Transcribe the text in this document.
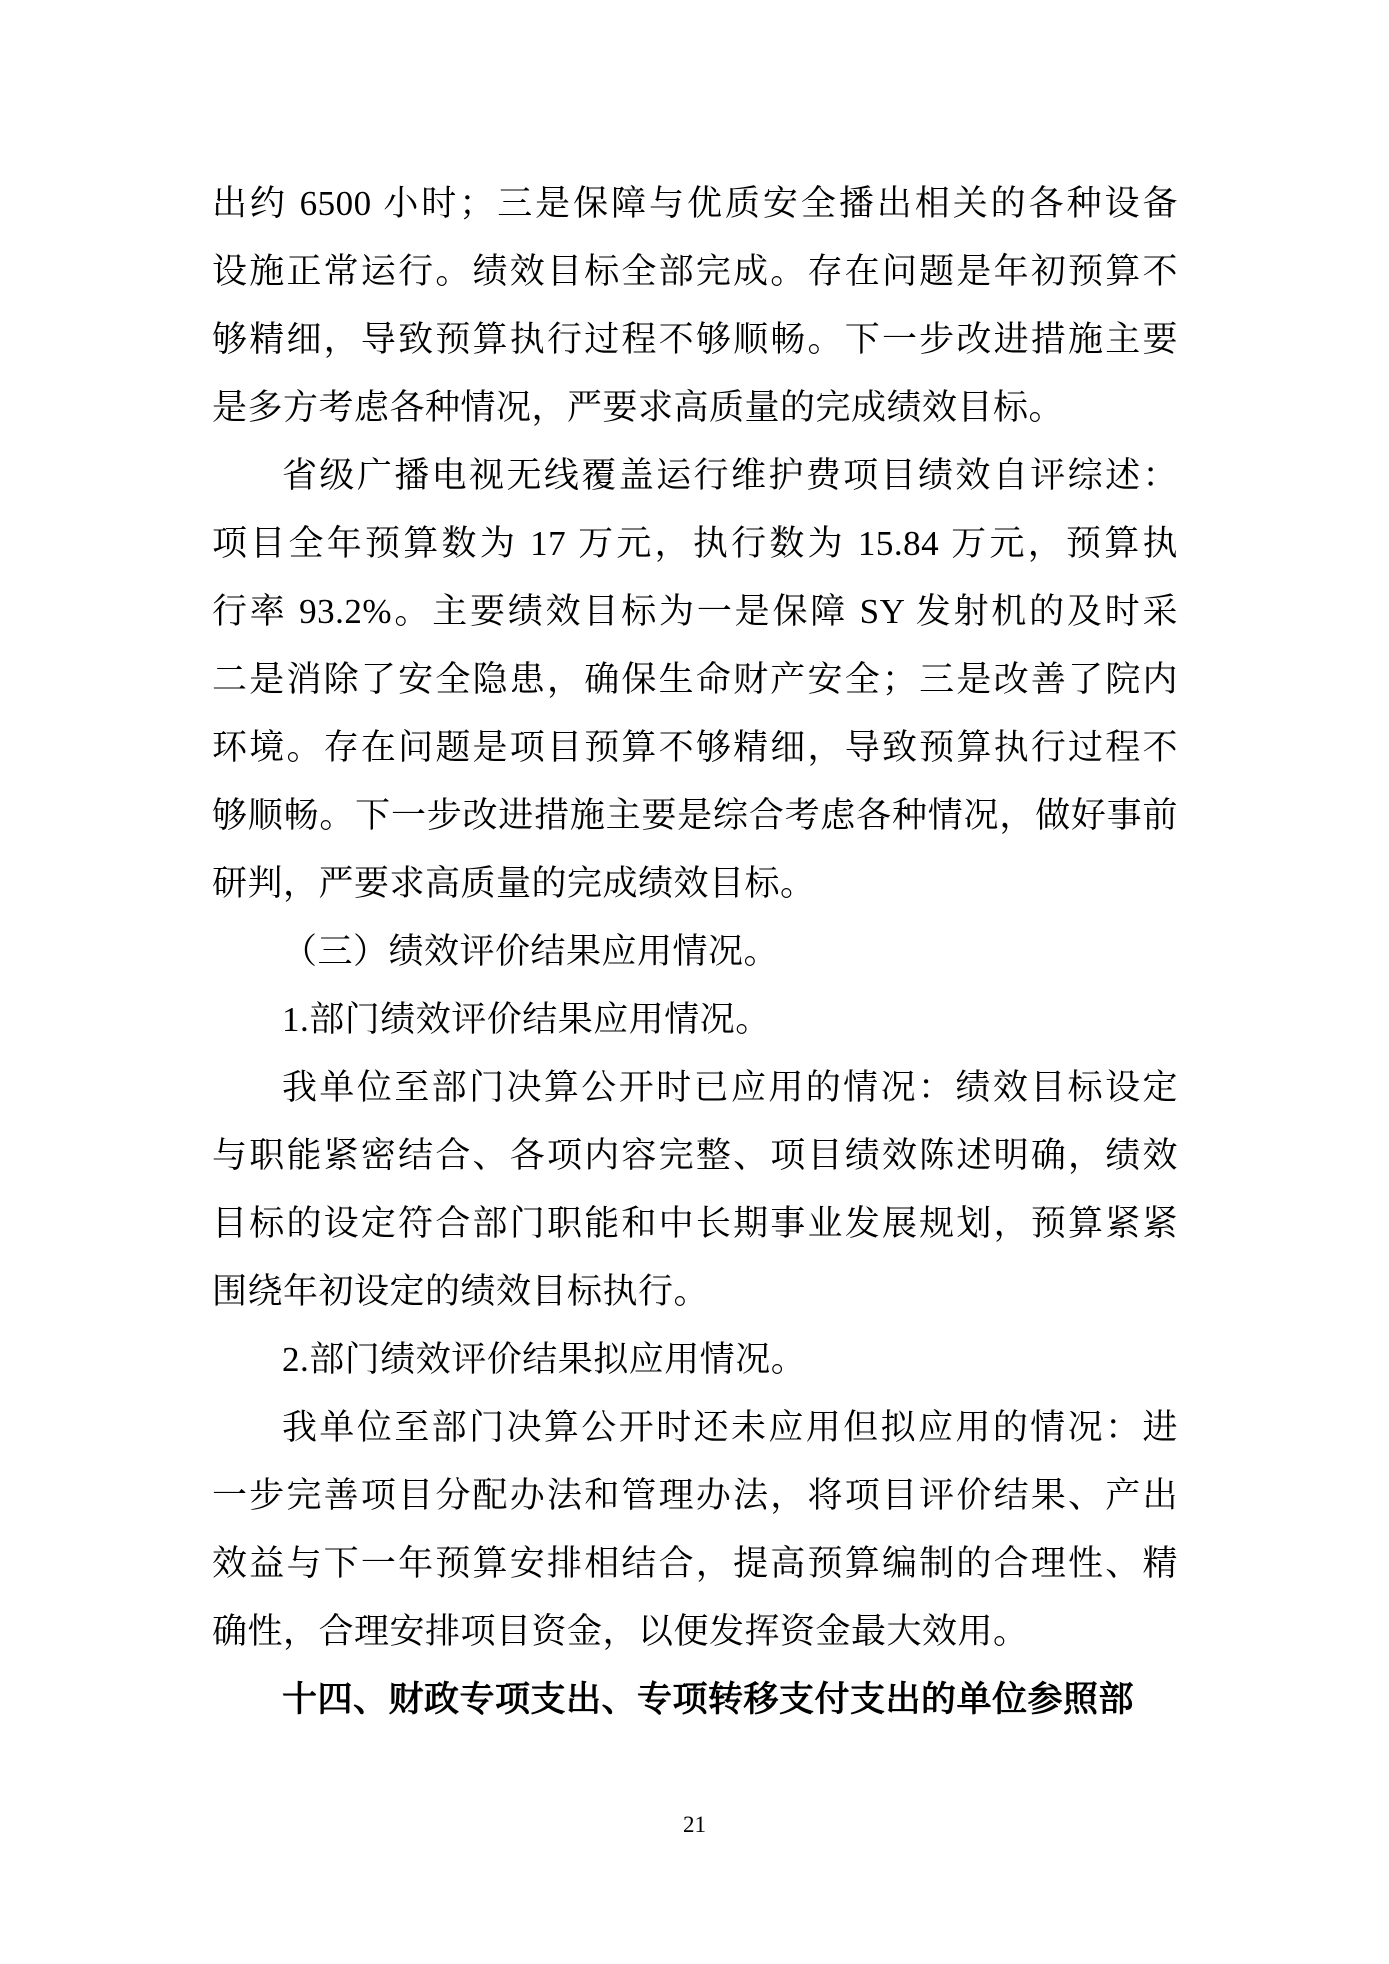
出约 6500 小时；三是保障与优质安全播出相关的各种设备
设施正常运行。绩效目标全部完成。存在问题是年初预算不
够精细，导致预算执行过程不够顺畅。下一步改进措施主要
是多方考虑各种情况，严要求高质量的完成绩效目标。
省级广播电视无线覆盖运行维护费项目绩效自评综述：
项目全年预算数为 17 万元，执行数为 15.84 万元，预算执
行率 93.2%。主要绩效目标为一是保障 SY 发射机的及时采
二是消除了安全隐患，确保生命财产安全；三是改善了院内
环境。存在问题是项目预算不够精细，导致预算执行过程不
够顺畅。下一步改进措施主要是综合考虑各种情况，做好事前
研判，严要求高质量的完成绩效目标。
（三）绩效评价结果应用情况。
1.部门绩效评价结果应用情况。
我单位至部门决算公开时已应用的情况：绩效目标设定
与职能紧密结合、各项内容完整、项目绩效陈述明确，绩效
目标的设定符合部门职能和中长期事业发展规划，预算紧紧
围绕年初设定的绩效目标执行。
2.部门绩效评价结果拟应用情况。
我单位至部门决算公开时还未应用但拟应用的情况：进
一步完善项目分配办法和管理办法，将项目评价结果、产出
效益与下一年预算安排相结合，提高预算编制的合理性、精
确性，合理安排项目资金，以便发挥资金最大效用。
十四、财政专项支出、专项转移支付支出的单位参照部
21
